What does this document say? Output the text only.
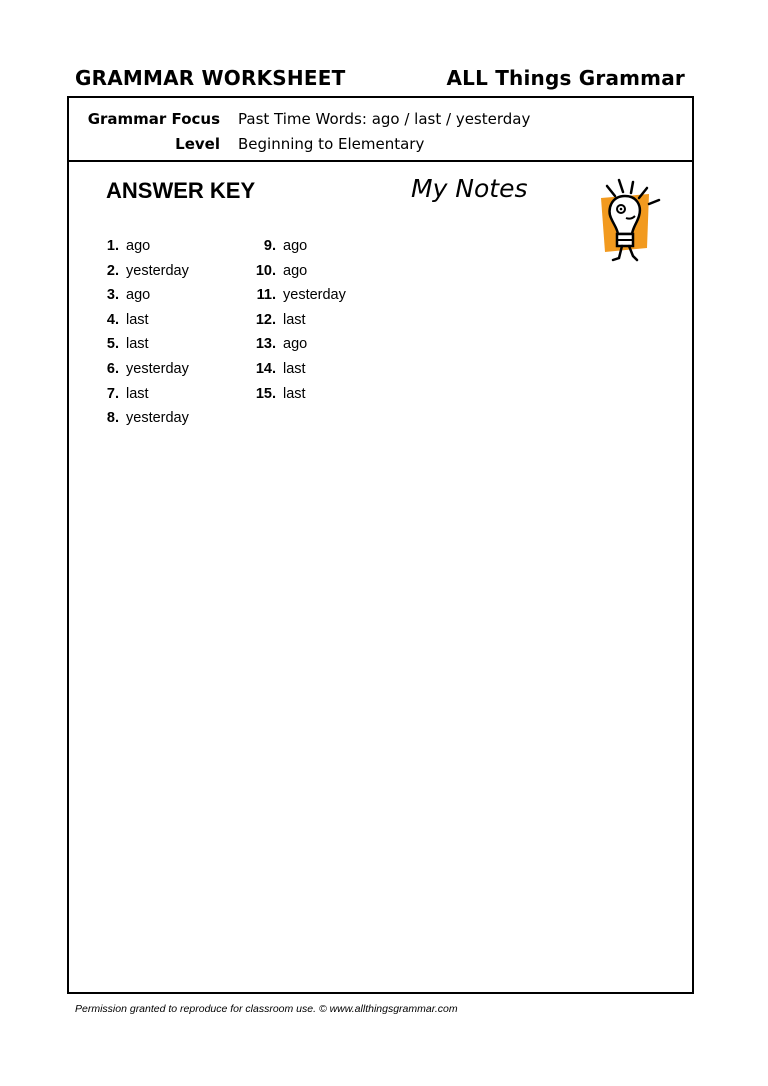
GRAMMAR WORKSHEET	ALL Things Grammar
Grammar Focus Past Time Words: ago / last / yesterday
Level Beginning to Elementary
ANSWER KEY	My Notes
1. ago
2. yesterday
3. ago
4. last
5. last
6. yesterday
7. last
8. yesterday
9. ago
10. ago
11. yesterday
12. last
13. ago
14. last
15. last
Permission granted to reproduce for classroom use. © www.allthingsgrammar.com
